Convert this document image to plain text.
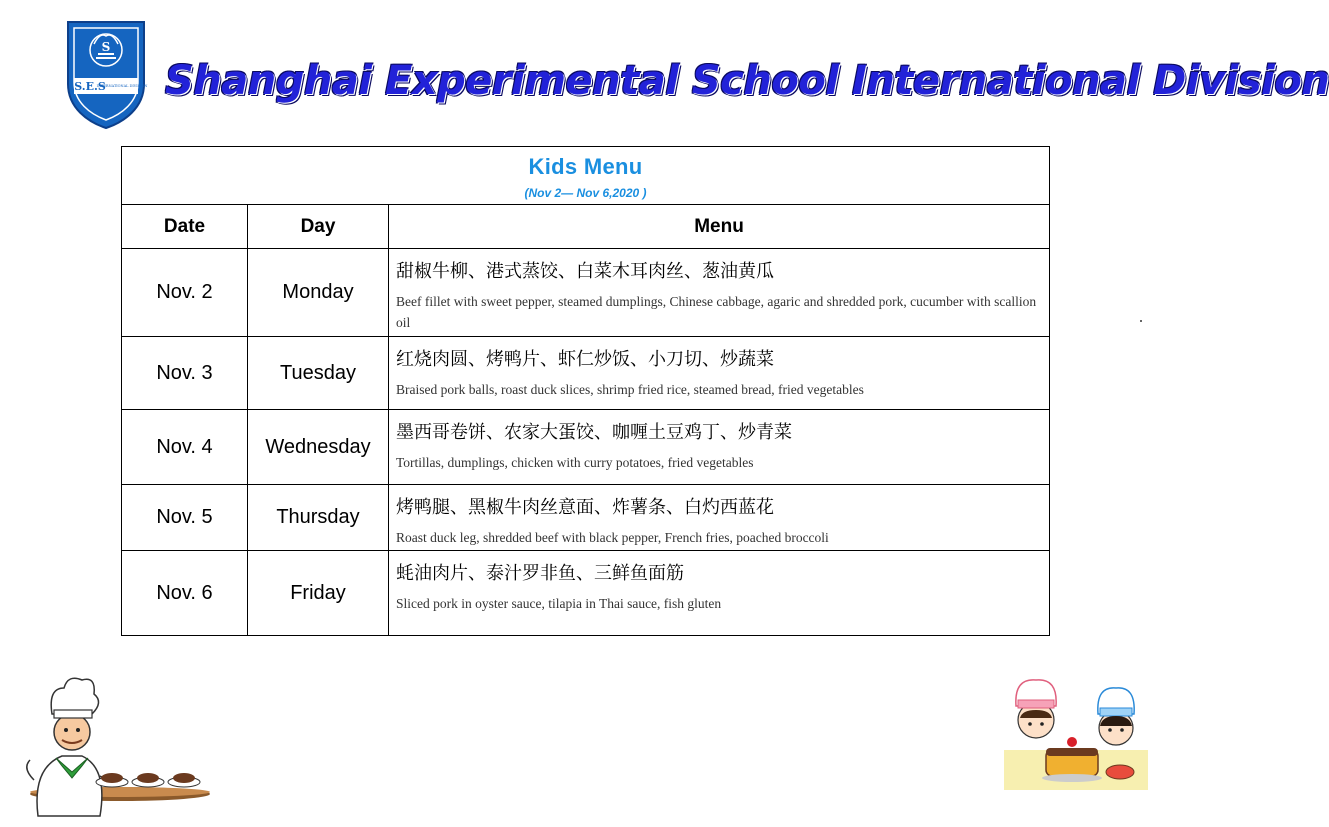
S
S.E.S
INTERNATIONAL DIVISION Shanghai Experimental School International Division
Kids Menu
(Nov 2— Nov 6,2020 )		

Date	Day	Menu
Nov. 2	Monday	甜椒牛柳、港式蒸饺、白菜木耳肉丝、葱油黄瓜
Beef fillet with sweet pepper, steamed dumplings, Chinese cabbage, agaric and shredded pork, cucumber with scallion oil

Nov. 3	Tuesday	红烧肉圆、烤鸭片、虾仁炒饭、小刀切、炒蔬菜
Braised pork balls, roast duck slices, shrimp fried rice, steamed bread, fried vegetables

Nov. 4	Wednesday	墨西哥卷饼、农家大蛋饺、咖喱土豆鸡丁、炒青菜
Tortillas, dumplings, chicken with curry potatoes, fried vegetables

Nov. 5	Thursday	烤鸭腿、黑椒牛肉丝意面、炸薯条、白灼西蓝花
Roast duck leg, shredded beef with black pepper, French fries, poached broccoli

Nov. 6	Friday	蚝油肉片、泰汁罗非鱼、三鲜鱼面筋
Sliced pork in oyster sauce, tilapia in Thai sauce, fish gluten
